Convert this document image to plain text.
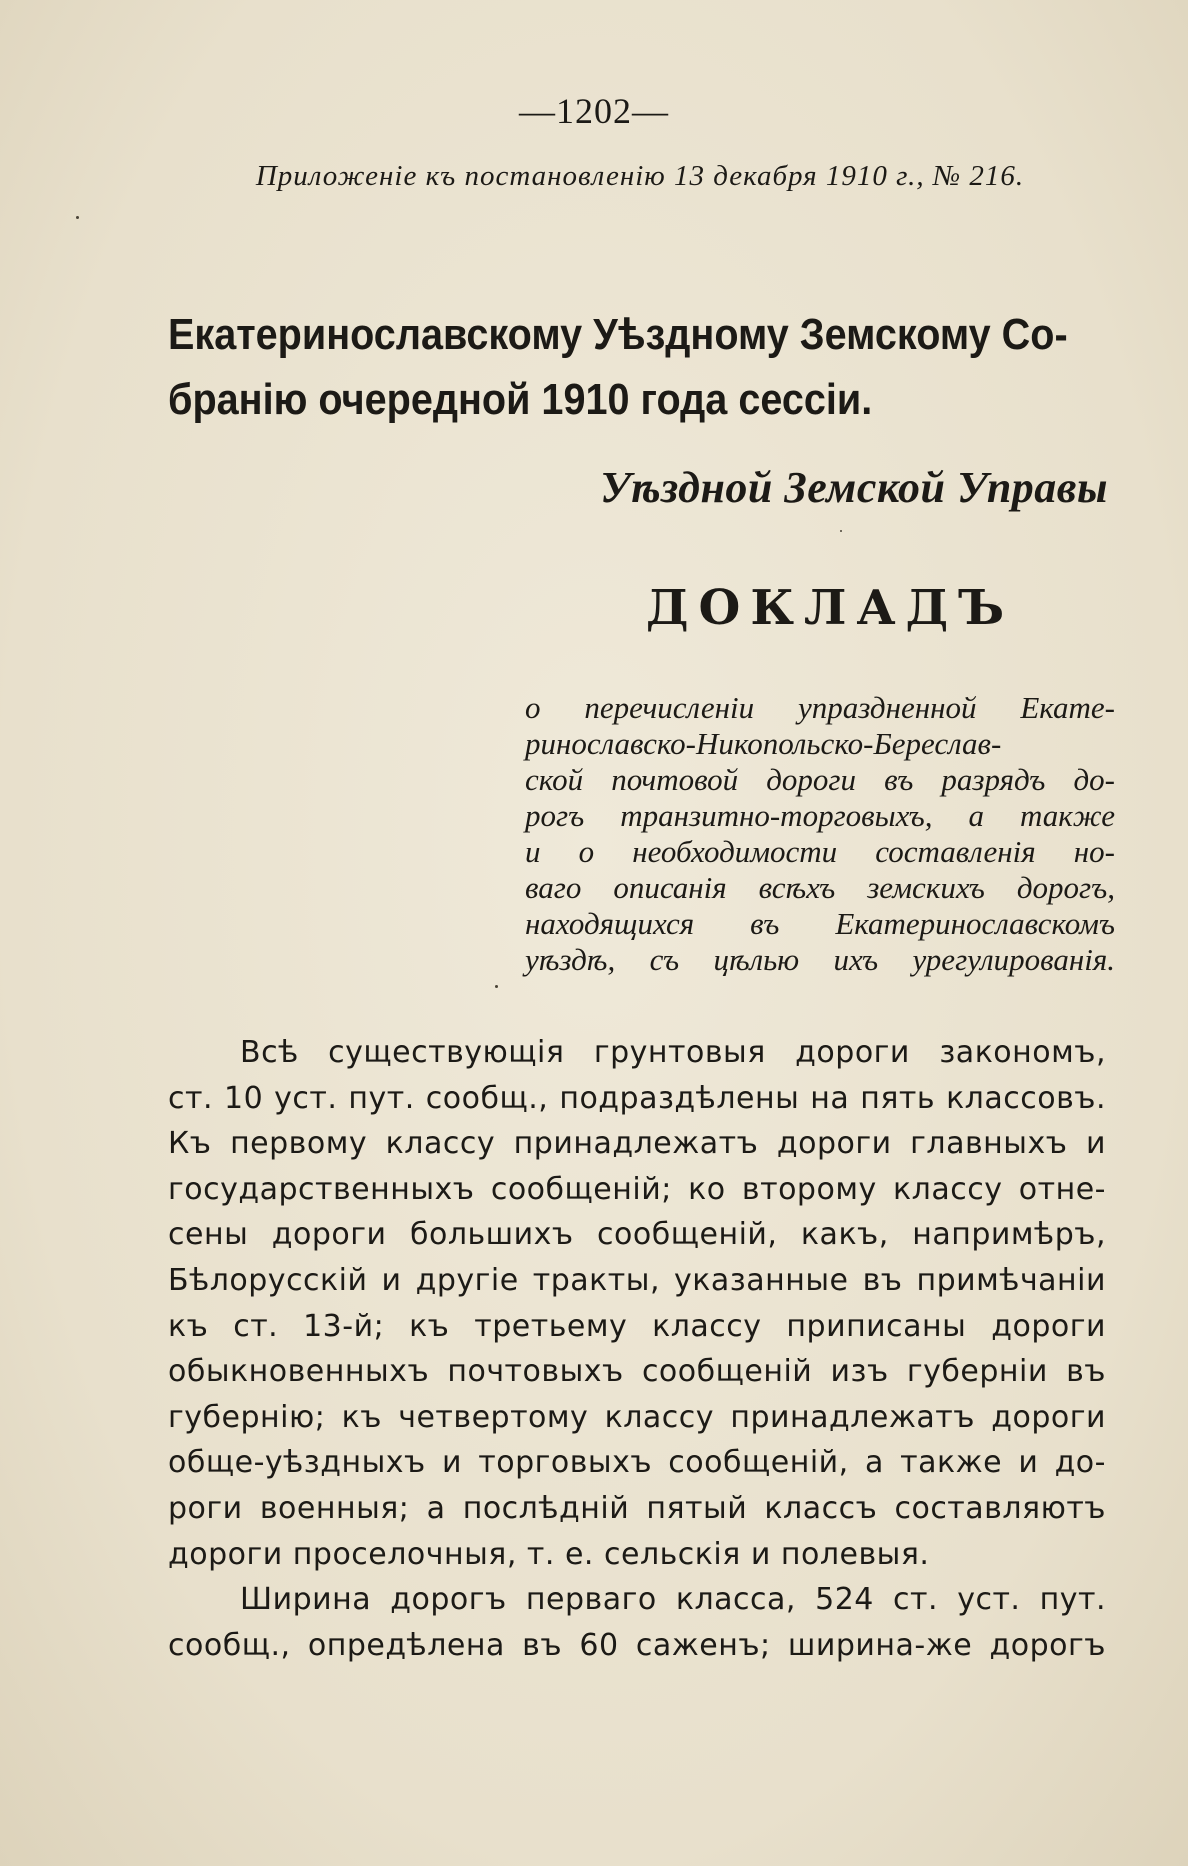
—1202—
Приложеніе къ постановленію 13 декабря 1910 г., № 216.
Екатеринославскому Уѣздному Земскому Со-
бранію очередной 1910 года сессіи.
Уѣздной Земской Управы
ДОКЛАДЪ
о перечисленіи упраздненной Екате-
ринославско-Никопольско-Береслав-
ской почтовой дороги въ разрядъ до-
рогъ транзитно-торговыхъ, а также
и о необходимости составленія но-
ваго описанія всѣхъ земскихъ дорогъ,
находящихся въ Екатеринославскомъ
уѣздѣ, съ цѣлью ихъ урегулированія.
Всѣ существующія грунтовыя дороги закономъ,
ст. 10 уст. пут. сообщ., подраздѣлены на пять классовъ.
Къ первому классу принадлежатъ дороги главныхъ и
государственныхъ сообщеній; ко второму классу отне-
сены дороги большихъ сообщеній, какъ, напримѣръ,
Бѣлорусскій и другіе тракты, указанные въ примѣчаніи
къ ст. 13-й; къ третьему классу приписаны дороги
обыкновенныхъ почтовыхъ сообщеній изъ губерніи въ
губернію; къ четвертому классу принадлежатъ дороги
обще-уѣздныхъ и торговыхъ сообщеній, а также и до-
роги военныя; а послѣдній пятый классъ составляютъ
дороги проселочныя, т. е. сельскія и полевыя.
Ширина дорогъ перваго класса, 524 ст. уст. пут.
сообщ., опредѣлена въ 60 саженъ; ширина-же дорогъ
